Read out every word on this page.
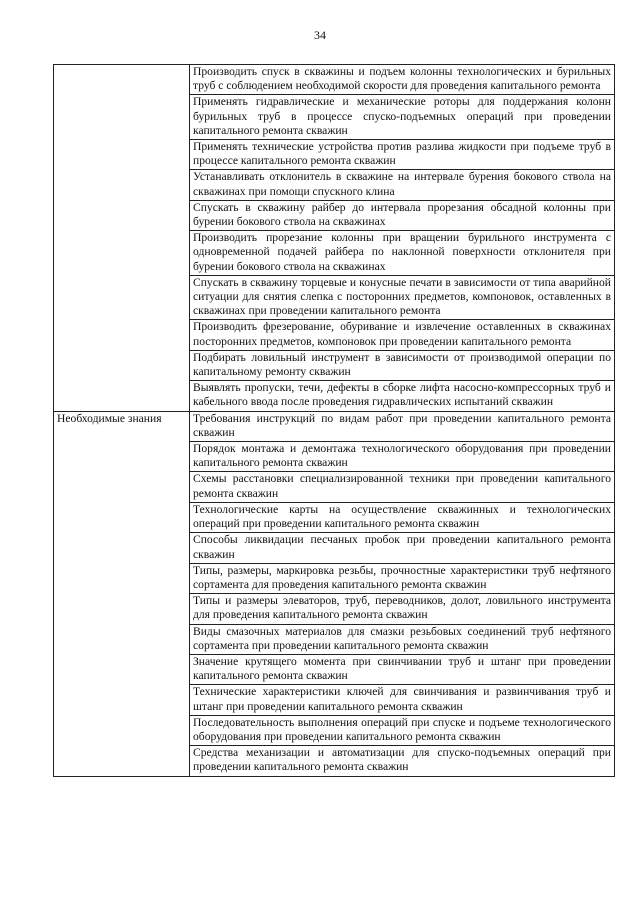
34
	Производить спуск в скважины и подъем колонны технологических и бурильных труб с соблюдением необходимой скорости для проведения капитального ремонта
	Применять гидравлические и механические роторы для поддержания колонн бурильных труб в процессе спуско-подъемных операций при проведении капитального ремонта скважин
	Применять технические устройства против разлива жидкости при подъеме труб в процессе капитального ремонта скважин
	Устанавливать отклонитель в скважине на интервале бурения бокового ствола на скважинах при помощи спускного клина
	Спускать в скважину райбер до интервала прорезания обсадной колонны при бурении бокового ствола на скважинах
	Производить прорезание колонны при вращении бурильного инструмента с одновременной подачей райбера по наклонной поверхности отклонителя при бурении бокового ствола на скважинах
	Спускать в скважину торцевые и конусные печати в зависимости от типа аварийной ситуации для снятия слепка с посторонних предметов, компоновок, оставленных в скважинах при проведении капитального ремонта
	Производить фрезерование, обуривание и извлечение оставленных в скважинах посторонних предметов, компоновок при проведении капитального ремонта
	Подбирать ловильный инструмент в зависимости от производимой операции по капитальному ремонту скважин
	Выявлять пропуски, течи, дефекты в сборке лифта насосно-компрессорных труб и кабельного ввода после проведения гидравлических испытаний скважин
Необходимые знания	Требования инструкций по видам работ при проведении капитального ремонта скважин
	Порядок монтажа и демонтажа технологического оборудования при проведении капитального ремонта скважин
	Схемы расстановки специализированной техники при проведении капитального ремонта скважин
	Технологические карты на осуществление скважинных и технологических операций при проведении капитального ремонта скважин
	Способы ликвидации песчаных пробок при проведении капитального ремонта скважин
	Типы, размеры, маркировка резьбы, прочностные характеристики труб нефтяного сортамента для проведения капитального ремонта скважин
	Типы и размеры элеваторов, труб, переводников, долот, ловильного инструмента для проведения капитального ремонта скважин
	Виды смазочных материалов для смазки резьбовых соединений труб нефтяного сортамента при проведении капитального ремонта скважин
	Значение крутящего момента при свинчивании труб и штанг при проведении капитального ремонта скважин
	Технические характеристики ключей для свинчивания и развинчивания труб и штанг при проведении капитального ремонта скважин
	Последовательность выполнения операций при спуске и подъеме технологического оборудования при проведении капитального ремонта скважин
	Средства механизации и автоматизации для спуско-подъемных операций при проведении капитального ремонта скважин
